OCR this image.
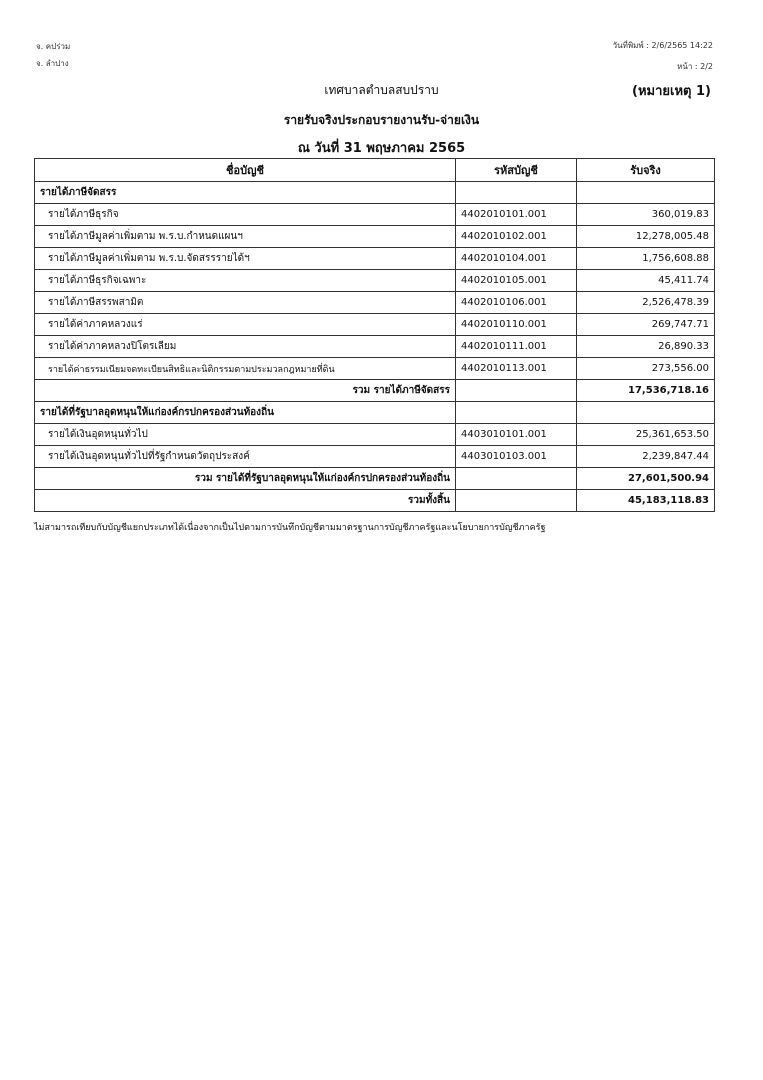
จ. คปร่วม
จ. ลำปาง
วันที่พิมพ์ : 2/6/2565 14:22
หน้า : 2/2
เทศบาลตำบลสบปราบ	(หมายเหตุ 1)
รายรับจริงประกอบรายงานรับ-จ่ายเงิน
ณ วันที่ 31 พฤษภาคม 2565
ชื่อบัญชี	รหัสบัญชี	รับจริง
รายได้ภาษีจัดสรร		
รายได้ภาษีธุรกิจ	4402010101.001	360,019.83
รายได้ภาษีมูลค่าเพิ่มตาม พ.ร.บ.กำหนดแผนฯ	4402010102.001	12,278,005.48
รายได้ภาษีมูลค่าเพิ่มตาม พ.ร.บ.จัดสรรรายได้ฯ	4402010104.001	1,756,608.88
รายได้ภาษีธุรกิจเฉพาะ	4402010105.001	45,411.74
รายได้ภาษีสรรพสามิต	4402010106.001	2,526,478.39
รายได้ค่าภาคหลวงแร่	4402010110.001	269,747.71
รายได้ค่าภาคหลวงปิโตรเลียม	4402010111.001	26,890.33
รายได้ค่าธรรมเนียมจดทะเบียนสิทธิและนิติกรรมตามประมวลกฎหมายที่ดิน	4402010113.001	273,556.00
รวม รายได้ภาษีจัดสรร		17,536,718.16
รายได้ที่รัฐบาลอุดหนุนให้แก่องค์กรปกครองส่วนท้องถิ่น		
รายได้เงินอุดหนุนทั่วไป	4403010101.001	25,361,653.50
รายได้เงินอุดหนุนทั่วไปที่รัฐกำหนดวัตถุประสงค์	4403010103.001	2,239,847.44
รวม รายได้ที่รัฐบาลอุดหนุนให้แก่องค์กรปกครองส่วนท้องถิ่น		27,601,500.94
รวมทั้งสิ้น		45,183,118.83
ไม่สามารถเทียบกับบัญชีแยกประเภทได้เนื่องจากเป็นไปตามการบันทึกบัญชีตามมาตรฐานการบัญชีภาครัฐและนโยบายการบัญชีภาครัฐ
